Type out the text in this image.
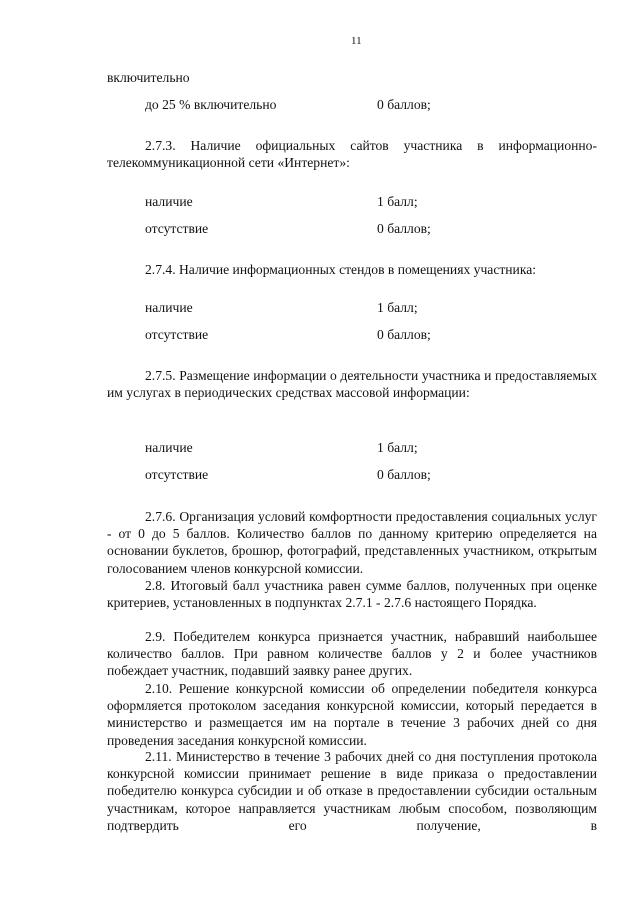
11
включительно
до 25 % включительно	0 баллов;
2.7.3. Наличие официальных сайтов участника в информационно-телекоммуникационной сети «Интернет»:
наличие	1 балл;
отсутствие	0 баллов;
2.7.4. Наличие информационных стендов в помещениях участника:
наличие	1 балл;
отсутствие	0 баллов;
2.7.5. Размещение информации о деятельности участника и предоставляемых им услугах в периодических средствах массовой информации:
наличие	1 балл;
отсутствие	0 баллов;
2.7.6. Организация условий комфортности предоставления социальных услуг - от 0 до 5 баллов. Количество баллов по данному критерию определяется на основании буклетов, брошюр, фотографий, представленных участником, открытым голосованием членов конкурсной комиссии.
2.8. Итоговый балл участника равен сумме баллов, полученных при оценке критериев, установленных в подпунктах 2.7.1 - 2.7.6 настоящего Порядка.
2.9. Победителем конкурса признается участник, набравший наибольшее количество баллов. При равном количестве баллов у 2 и более участников побеждает участник, подавший заявку ранее других.
2.10. Решение конкурсной комиссии об определении победителя конкурса оформляется протоколом заседания конкурсной комиссии, который передается в министерство и размещается им на портале в течение 3 рабочих дней со дня проведения заседания конкурсной комиссии.
2.11. Министерство в течение 3 рабочих дней со дня поступления протокола конкурсной комиссии принимает решение в виде приказа о предоставлении победителю конкурса субсидии и об отказе в предоставлении субсидии остальным участникам, которое направляется участникам любым способом, позволяющим подтвердить его получение, в
